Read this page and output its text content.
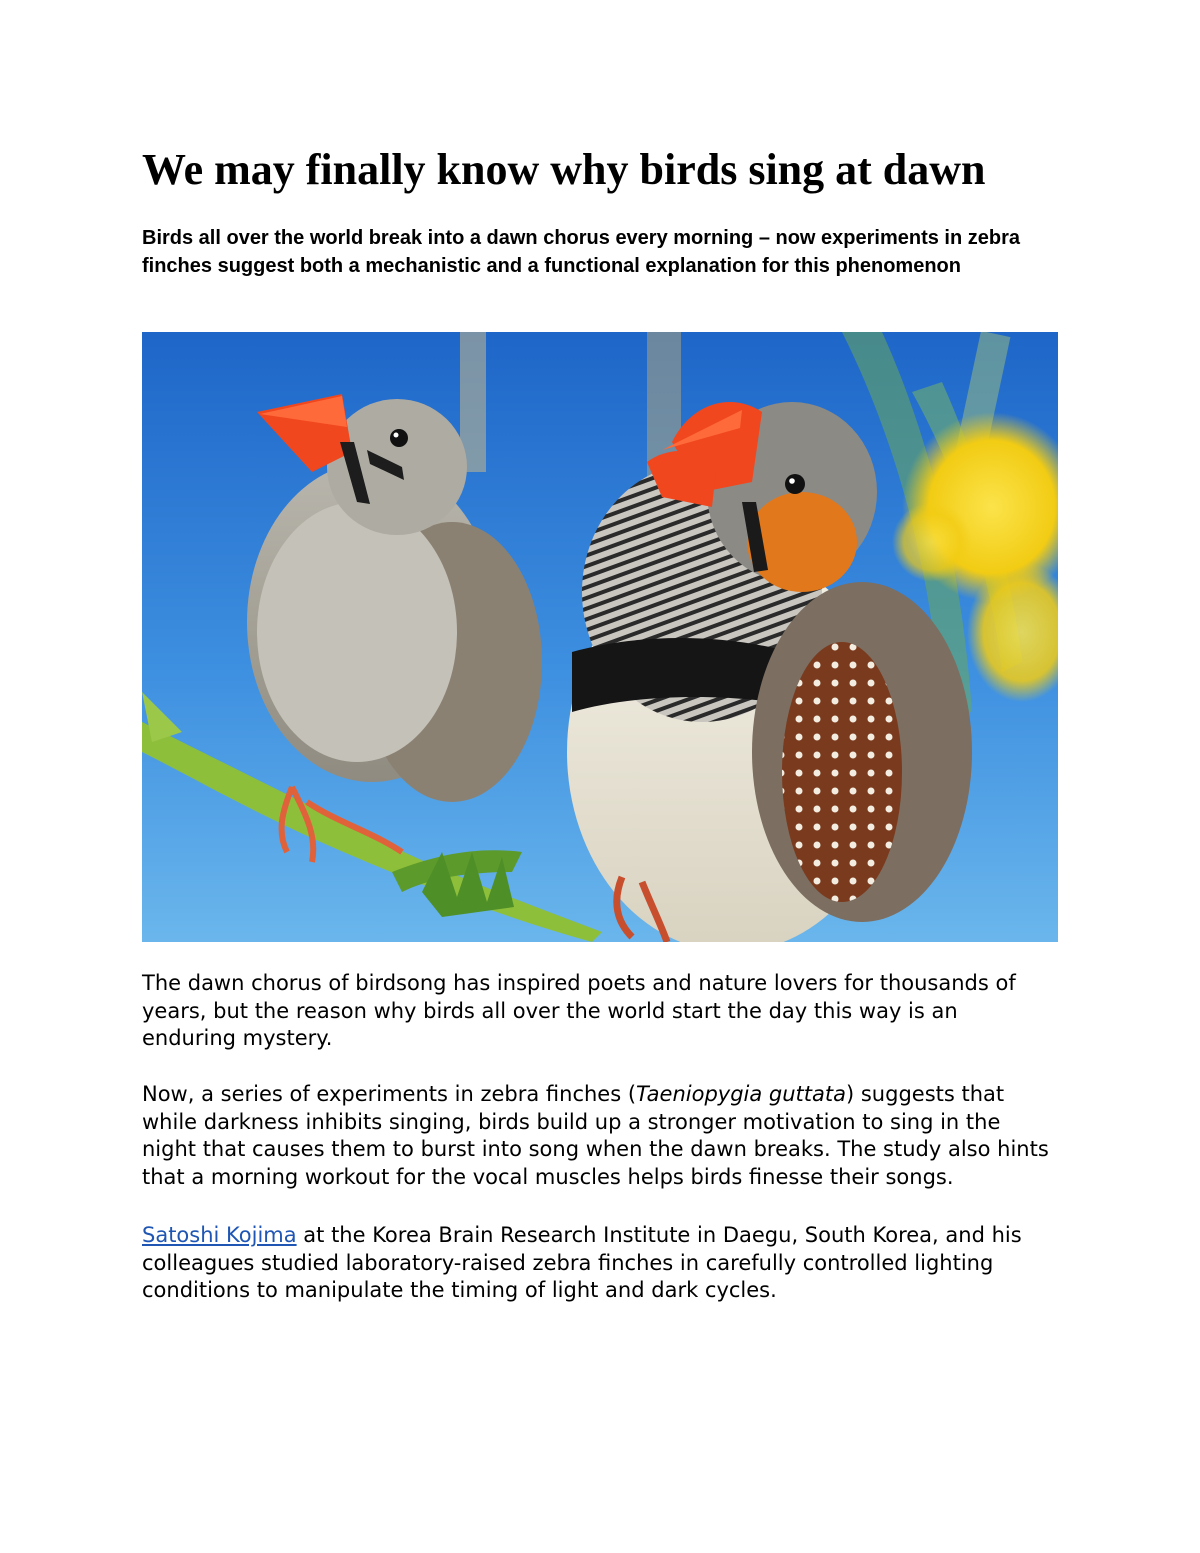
We may finally know why birds sing at dawn

Birds all over the world break into a dawn chorus every morning – now experiments in zebra finches suggest both a mechanistic and a functional explanation for this phenomenon

The dawn chorus of birdsong has inspired poets and nature lovers for thousands of years, but the reason why birds all over the world start the day this way is an enduring mystery.

Now, a series of experiments in zebra finches (Taeniopygia guttata) suggests that while darkness inhibits singing, birds build up a stronger motivation to sing in the night that causes them to burst into song when the dawn breaks. The study also hints that a morning workout for the vocal muscles helps birds finesse their songs.

Satoshi Kojima at the Korea Brain Research Institute in Daegu, South Korea, and his colleagues studied laboratory-raised zebra finches in carefully controlled lighting conditions to manipulate the timing of light and dark cycles.
